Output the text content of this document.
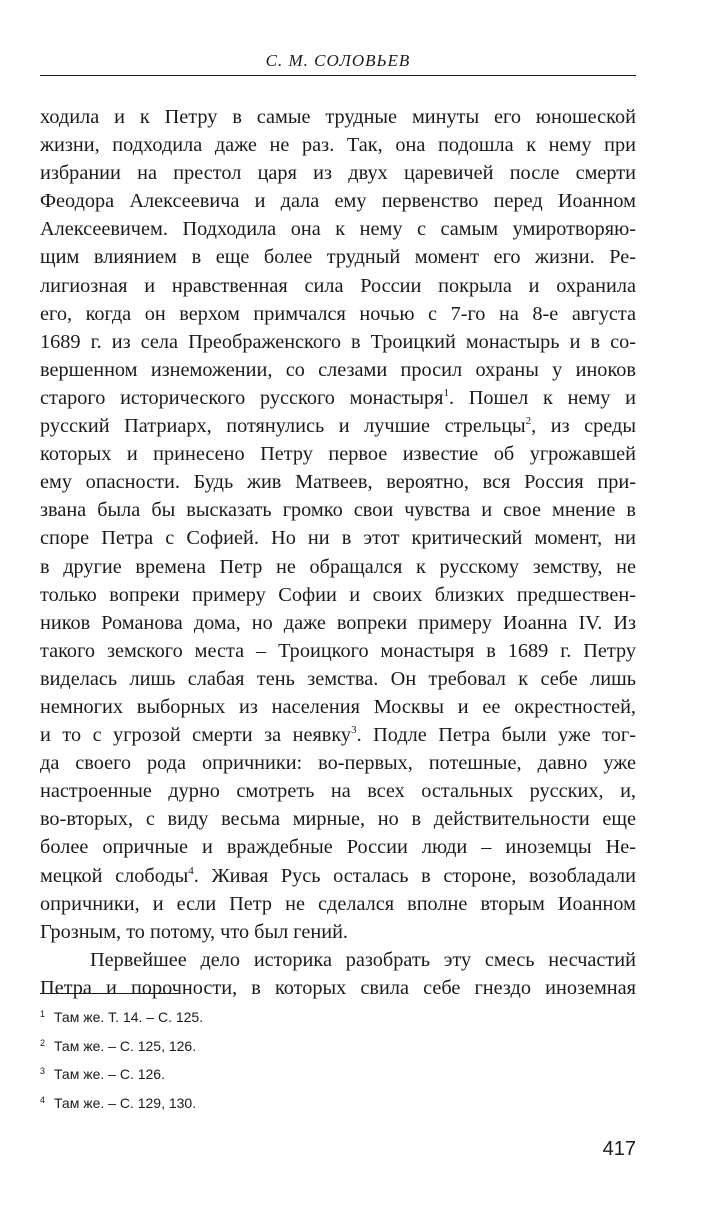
С. М. СОЛОВЬЕВ
ходила и к Петру в самые трудные минуты его юношеской
жизни, подходила даже не раз. Так, она подошла к нему при
избрании на престол царя из двух царевичей после смерти
Феодора Алексеевича и дала ему первенство перед Иоанном
Алексеевичем. Подходила она к нему с самым умиротворяю-
щим влиянием в еще более трудный момент его жизни. Ре-
лигиозная и нравственная сила России покрыла и охранила
его, когда он верхом примчался ночью с 7-го на 8-е августа
1689 г. из села Преображенского в Троицкий монастырь и в со-
вершенном изнеможении, со слезами просил охраны у иноков
старого исторического русского монастыря$^1$. Пошел к нему и
русский Патриарх, потянулись и лучшие стрельцы$^2$, из среды
которых и принесено Петру первое известие об угрожавшей
ему опасности. Будь жив Матвеев, вероятно, вся Россия при-
звана была бы высказать громко свои чувства и свое мнение в
споре Петра с Софией. Но ни в этот критический момент, ни
в другие времена Петр не обращался к русскому земству, не
только вопреки примеру Софии и своих близких предшествен-
ников Романова дома, но даже вопреки примеру Иоанна IV. Из
такого земского места – Троицкого монастыря в 1689 г. Петру
виделась лишь слабая тень земства. Он требовал к себе лишь
немногих выборных из населения Москвы и ее окрестностей,
и то с угрозой смерти за неявку$^3$. Подле Петра были уже тог-
да своего рода опричники: во-первых, потешные, давно уже
настроенные дурно смотреть на всех остальных русских, и,
во-вторых, с виду весьма мирные, но в действительности еще
более опричные и враждебные России люди – иноземцы Не-
мецкой слободы$^4$. Живая Русь осталась в стороне, возобладали
опричники, и если Петр не сделался вполне вторым Иоанном
Грозным, то потому, что был гений.
Первейшее дело историка разобрать эту смесь несчастий
Петра и порочности, в которых свила себе гнездо иноземная
1 Там же. Т. 14. – С. 125.
2 Там же. – С. 125, 126.
3 Там же. – С. 126.
4 Там же. – С. 129, 130.
417
